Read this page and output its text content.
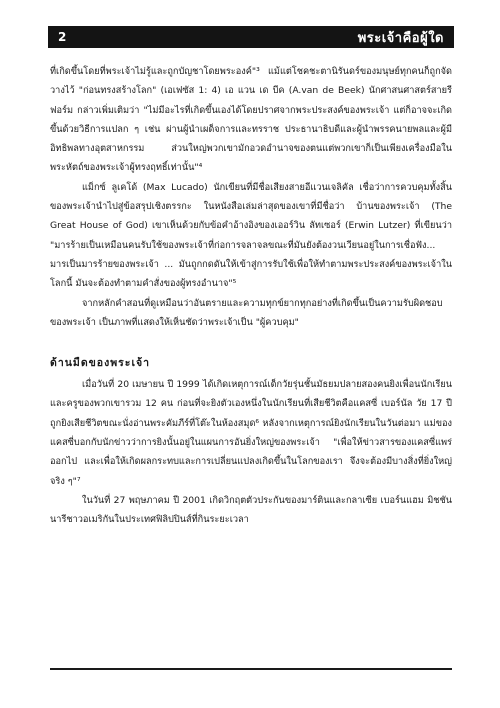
2	พระเจ้าคือผู้ใด

ที่เกิดขึ้นโดยที่พระเจ้าไม่รู้และถูกบัญชาโดยพระองค์"³ แม้แต่โชคชะตานิรันดร์ของมนุษย์ทุกคนก็ถูกจัดวางไว้ "ก่อนทรงสร้างโลก" (เอเฟซัส 1: 4) เอ แวน เด บีค (A.van de Beek) นักศาสนศาสตร์สายรีฟอร์ม กล่าวเพิ่มเติมว่า "ไม่มีอะไรที่เกิดขึ้นเองได้โดยปราศจากพระประสงค์ของพระเจ้า แต่ก็อาจจะเกิดขึ้นด้วยวิธีการแปลก ๆ เช่น ผ่านผู้นำเผด็จการและทรราช ประธานาธิบดีและผู้นำพรรคนายพลและผู้มีอิทธิพลทางอุตสาหกรรม ส่วนใหญ่พวกเขามักอวดอำนาจของตนแต่พวกเขาก็เป็นเพียงเครื่องมือในพระหัตถ์ของพระเจ้าผู้ทรงฤทธิ์เท่านั้น"⁴

แม็กซ์ ลูเคโด้ (Max Lucado) นักเขียนที่มีชื่อเสียงสายอีแวนเจลิคัล เชื่อว่าการควบคุมทั้งสิ้นของพระเจ้านำไปสู่ข้อสรุปเชิงตรรกะ ในหนังสือเล่มล่าสุดของเขาที่มีชื่อว่า บ้านของพระเจ้า (The Great House of God) เขาเห็นด้วยกับข้อคำอ้างอิงของเออร์วิน ลัทเซอร์ (Erwin Lutzer) ที่เขียนว่า "มารร้ายเป็นเหมือนคนรับใช้ของพระเจ้าที่ก่อการจลาจลขณะที่มันยังต้องวนเวียนอยู่ในการเชื่อฟัง... มารเป็นมารร้ายของพระเจ้า ... มันถูกกดดันให้เข้าสู่การรับใช้เพื่อให้ทำตามพระประสงค์ของพระเจ้าในโลกนี้ มันจะต้องทำตามคำสั่งของผู้ทรงอำนาจ"⁵

จากหลักคำสอนที่ดูเหมือนว่าอันตรายและความทุกข์ยากทุกอย่างที่เกิดขึ้นเป็นความรับผิดชอบของพระเจ้า เป็นภาพที่แสดงให้เห็นชัดว่าพระเจ้าเป็น "ผู้ควบคุม"

ด้านมืดของพระเจ้า

เมื่อวันที่ 20 เมษายน ปี 1999 ได้เกิดเหตุการณ์เด็กวัยรุ่นชั้นมัธยมปลายสองคนยิงเพื่อนนักเรียนและครูของพวกเขารวม 12 คน ก่อนที่จะยิงตัวเองหนึ่งในนักเรียนที่เสียชีวิตคือแคสซี่ เบอร์นัล วัย 17 ปี ถูกยิงเสียชีวิตขณะนั่งอ่านพระคัมภีร์ที่โต๊ะในห้องสมุด⁶ หลังจากเหตุการณ์ยิงนักเรียนในวันต่อมา แม่ของแคสซี่บอกกับนักข่าวว่าการยิงนั้นอยู่ในแผนการอันยิ่งใหญ่ของพระเจ้า "เพื่อให้ข่าวสารของแคสซี่แพร่ออกไป และเพื่อให้เกิดผลกระทบและการเปลี่ยนแปลงเกิดขึ้นในโลกของเรา จึงจะต้องมีบางสิ่งที่ยิ่งใหญ่จริง ๆ"⁷

ในวันที่ 27 พฤษภาคม ปี 2001 เกิดวิกฤตตัวประกันของมาร์ตินและกลาเซีย เบอร์นแฮม มิชชันนารีชาวอเมริกันในประเทศฟิลิปปินส์ที่กินระยะเวลา
